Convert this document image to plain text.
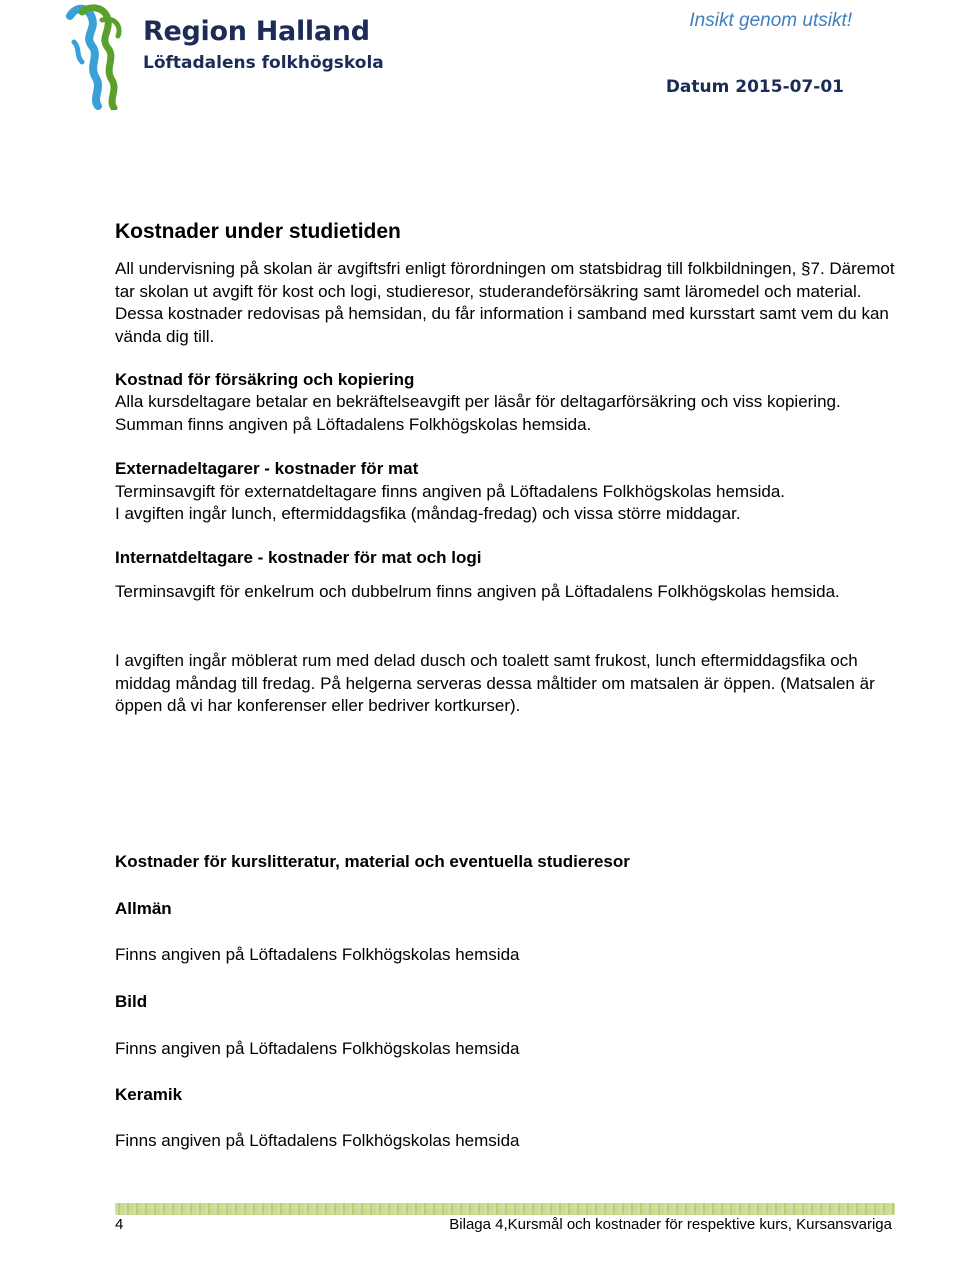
Region Halland
Löftadalens folkhögskola
Insikt genom utsikt!
Datum 2015-07-01
Kostnader under studietiden

All undervisning på skolan är avgiftsfri enligt förordningen om statsbidrag till folkbildningen, §7. Däremot tar skolan ut avgift för kost och logi, studieresor, studerandeförsäkring samt läromedel och material. Dessa kostnader redovisas på hemsidan, du får information i samband med kursstart samt vem du kan vända dig till.

Kostnad för försäkring och kopiering

Alla kursdeltagare betalar en bekräftelseavgift per läsår för deltagarförsäkring och viss kopiering. Summan finns angiven på Löftadalens Folkhögskolas hemsida.

Externadeltagarer - kostnader för mat

Terminsavgift för externatdeltagare finns angiven på Löftadalens Folkhögskolas hemsida.

I avgiften ingår lunch, eftermiddagsfika (måndag-fredag) och vissa större middagar.

Internatdeltagare - kostnader för mat och logi

Terminsavgift för enkelrum och dubbelrum finns angiven på Löftadalens Folkhögskolas hemsida.

I avgiften ingår möblerat rum med delad dusch och toalett samt frukost, lunch eftermiddagsfika och middag måndag till fredag. På helgerna serveras dessa måltider om matsalen är öppen. (Matsalen är öppen då vi har konferenser eller bedriver kortkurser).

Kostnader för kurslitteratur, material och eventuella studieresor

Allmän

Finns angiven på Löftadalens Folkhögskolas hemsida

Bild

Finns angiven på Löftadalens Folkhögskolas hemsida

Keramik

Finns angiven på Löftadalens Folkhögskolas hemsida

4	Bilaga 4,Kursmål och kostnader för respektive kurs, Kursansvariga
